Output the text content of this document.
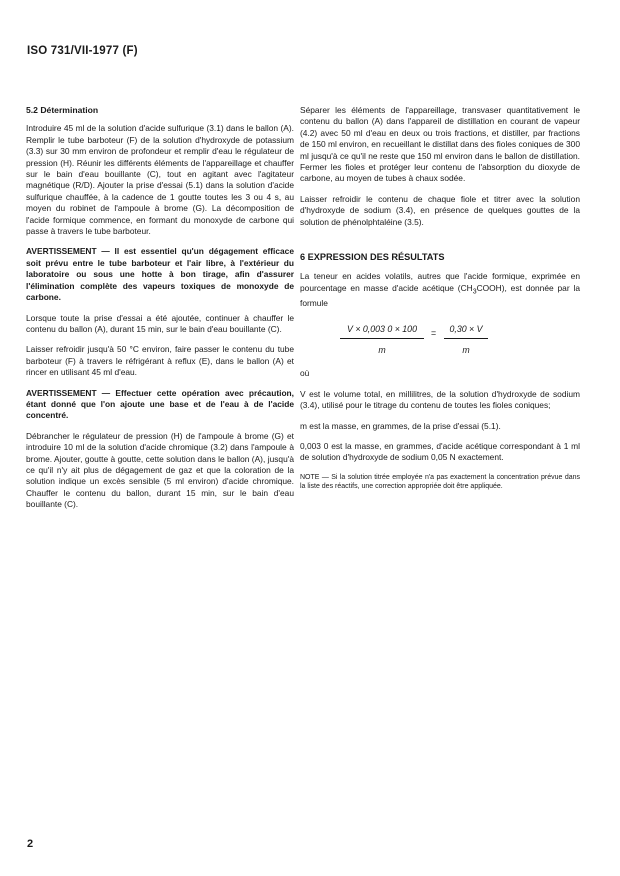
ISO 731/VII-1977 (F)
5.2 Détermination

Introduire 45 ml de la solution d'acide sulfurique (3.1) dans le ballon (A). Remplir le tube barboteur (F) de la solution d'hydroxyde de potassium (3.3) sur 30 mm environ de profondeur et remplir d'eau le régulateur de pression (H). Réunir les différents éléments de l'appareillage et chauffer sur le bain d'eau bouillante (C), tout en agitant avec l'agitateur magnétique (R/D). Ajouter la prise d'essai (5.1) dans la solution d'acide sulfurique chauffée, à la cadence de 1 goutte toutes les 3 ou 4 s, au moyen du robinet de l'ampoule à brome (G). La décomposition de l'acide formique commence, en formant du monoxyde de carbone qui passe à travers le tube barboteur.

AVERTISSEMENT — Il est essentiel qu'un dégagement efficace soit prévu entre le tube barboteur et l'air libre, à l'extérieur du laboratoire ou sous une hotte à bon tirage, afin d'assurer l'élimination complète des vapeurs toxiques de monoxyde de carbone.

Lorsque toute la prise d'essai a été ajoutée, continuer à chauffer le contenu du ballon (A), durant 15 min, sur le bain d'eau bouillante (C).

Laisser refroidir jusqu'à 50 °C environ, faire passer le contenu du tube barboteur (F) à travers le réfrigérant à reflux (E), dans le ballon (A) et rincer en utilisant 45 ml d'eau.

AVERTISSEMENT — Effectuer cette opération avec précaution, étant donné que l'on ajoute une base et de l'eau à de l'acide concentré.

Débrancher le régulateur de pression (H) de l'ampoule à brome (G) et introduire 10 ml de la solution d'acide chromique (3.2) dans l'ampoule à brome. Ajouter, goutte à goutte, cette solution dans le ballon (A), jusqu'à ce qu'il n'y ait plus de dégagement de gaz et que la coloration de la solution indique un excès sensible (5 ml environ) d'acide chromique. Chauffer le contenu du ballon, durant 15 min, sur le bain d'eau bouillante (C).

Séparer les éléments de l'appareillage, transvaser quantitativement le contenu du ballon (A) dans l'appareil de distillation en courant de vapeur (4.2) avec 50 ml d'eau en deux ou trois fractions, et distiller, par fractions de 150 ml environ, en recueillant le distillat dans des fioles coniques de 300 ml jusqu'à ce qu'il ne reste que 150 ml environ dans le ballon de distillation. Fermer les fioles et protéger leur contenu de l'absorption du dioxyde de carbone, au moyen de tubes à chaux sodée.

Laisser refroidir le contenu de chaque fiole et titrer avec la solution d'hydroxyde de sodium (3.4), en présence de quelques gouttes de la solution de phénolphtaléine (3.5).

6 EXPRESSION DES RÉSULTATS

La teneur en acides volatils, autres que l'acide formique, exprimée en pourcentage en masse d'acide acétique $(CH_3COOH)$, est donnée par la formule

$\frac{V \times 0,003 0 \times 100}{m} = \frac{0,30 \times V}{m}$

où

V est le volume total, en millilitres, de la solution d'hydroxyde de sodium (3.4), utilisé pour le titrage du contenu de toutes les fioles coniques;

m est la masse, en grammes, de la prise d'essai (5.1).

0,003 0 est la masse, en grammes, d'acide acétique correspondant à 1 ml de solution d'hydroxyde de sodium 0,05 N exactement.

NOTE — Si la solution titrée employée n'a pas exactement la concentration prévue dans la liste des réactifs, une correction appropriée doit être appliquée.

2
